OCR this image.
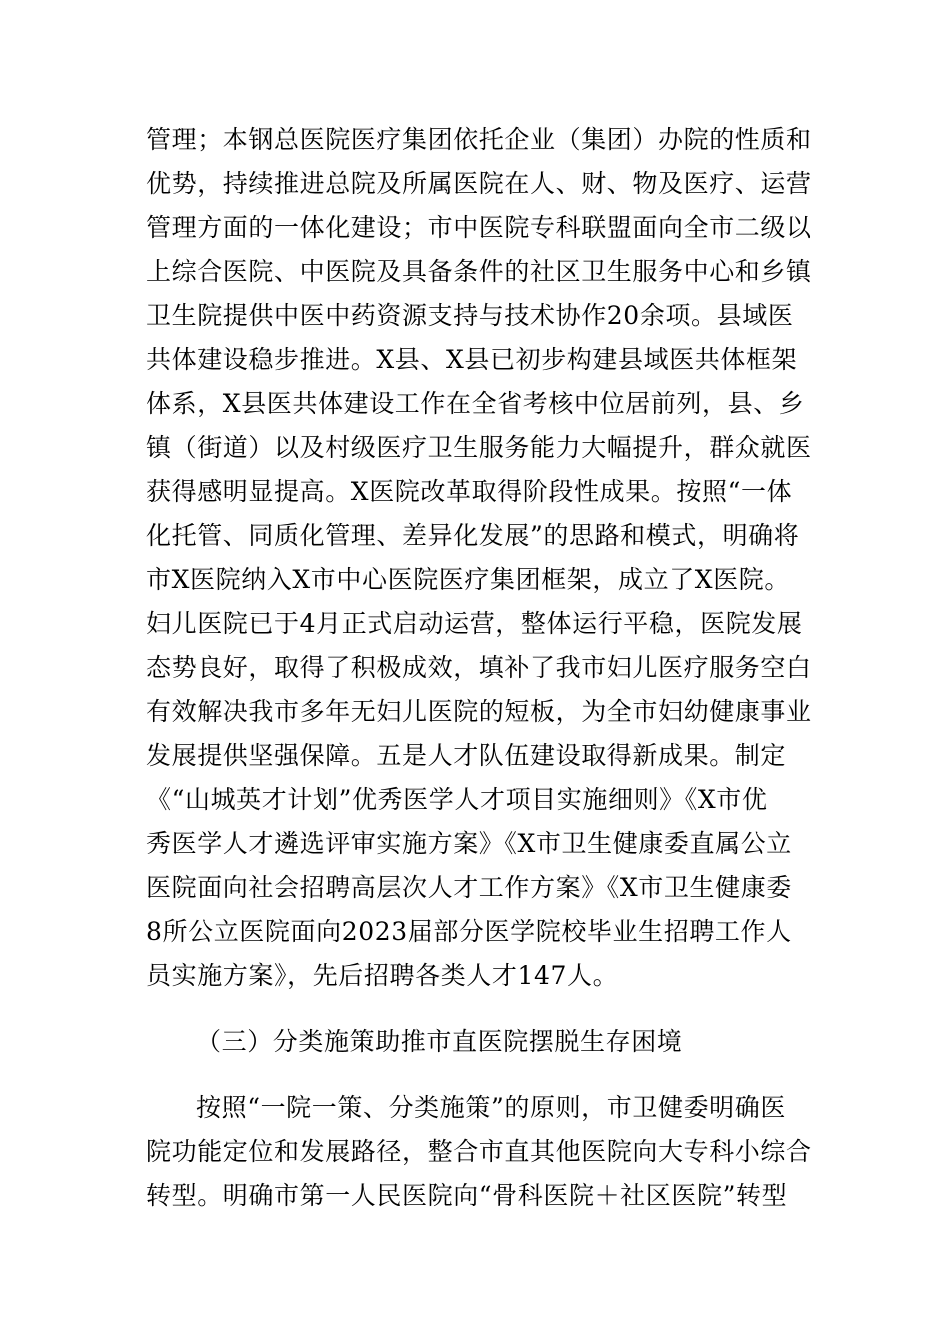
管理；本钢总医院医疗集团依托企业（集团）办院的性质和
优势，持续推进总院及所属医院在人、财、物及医疗、运营
管理方面的一体化建设；市中医院专科联盟面向全市二级以
上综合医院、中医院及具备条件的社区卫生服务中心和乡镇
卫生院提供中医中药资源支持与技术协作20余项。县域医
共体建设稳步推进。X县、X县已初步构建县域医共体框架
体系，X县医共体建设工作在全省考核中位居前列，县、乡
镇（街道）以及村级医疗卫生服务能力大幅提升，群众就医
获得感明显提高。X医院改革取得阶段性成果。按照“一体
化托管、同质化管理、差异化发展”的思路和模式，明确将
市X医院纳入X市中心医院医疗集团框架，成立了X医院。
妇儿医院已于4月正式启动运营，整体运行平稳，医院发展
态势良好，取得了积极成效，填补了我市妇儿医疗服务空白
有效解决我市多年无妇儿医院的短板，为全市妇幼健康事业
发展提供坚强保障。五是人才队伍建设取得新成果。制定
《“山城英才计划”优秀医学人才项目实施细则》《X市优
秀医学人才遴选评审实施方案》《X市卫生健康委直属公立
医院面向社会招聘高层次人才工作方案》《X市卫生健康委
8所公立医院面向2023届部分医学院校毕业生招聘工作人
员实施方案》，先后招聘各类人才147人。
（三）分类施策助推市直医院摆脱生存困境
按照“一院一策、分类施策”的原则，市卫健委明确医
院功能定位和发展路径，整合市直其他医院向大专科小综合
转型。明确市第一人民医院向“骨科医院＋社区医院”转型
